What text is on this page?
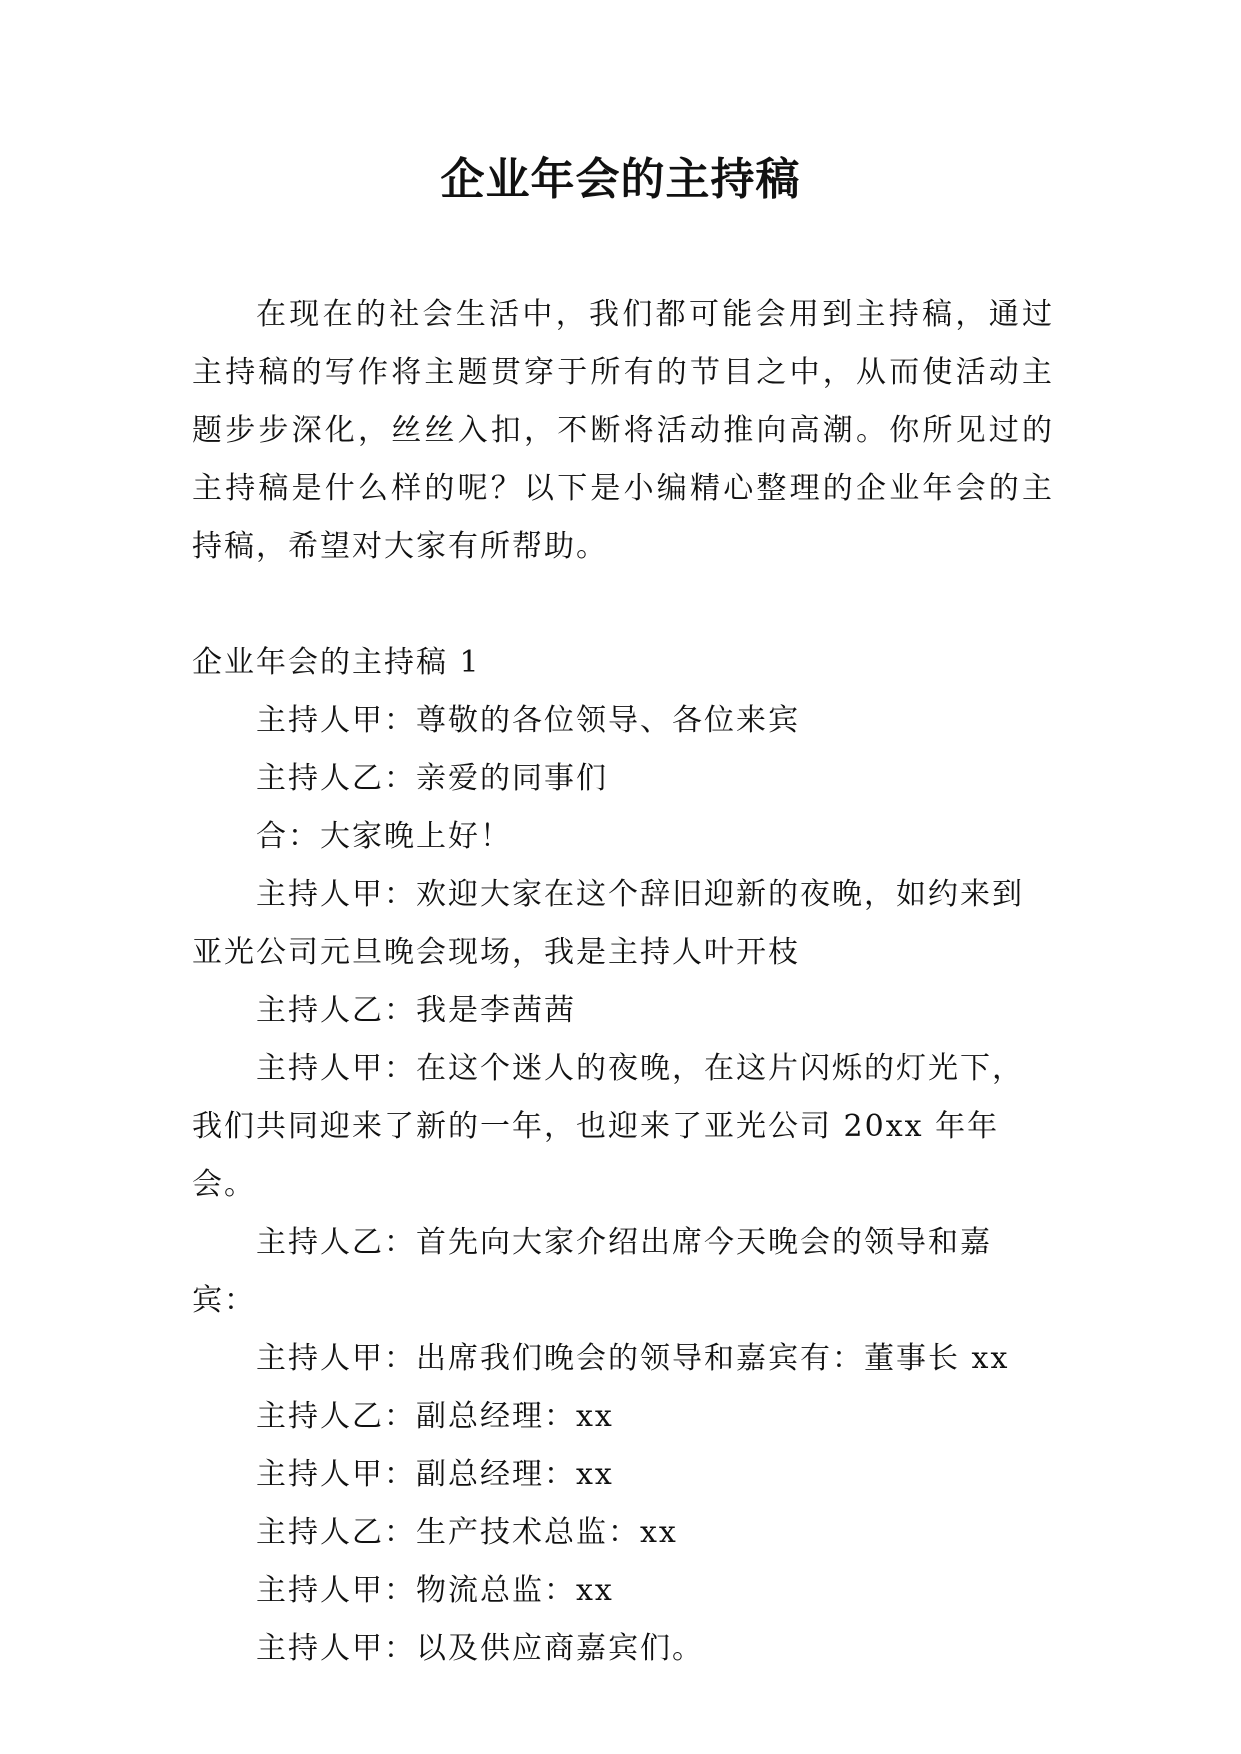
企业年会的主持稿

在现在的社会生活中，我们都可能会用到主持稿，通过主持稿的写作将主题贯穿于所有的节目之中，从而使活动主题步步深化，丝丝入扣，不断将活动推向高潮。你所见过的主持稿是什么样的呢？以下是小编精心整理的企业年会的主持稿，希望对大家有所帮助。

企业年会的主持稿 1

主持人甲：尊敬的各位领导、各位来宾

主持人乙：亲爱的同事们

合：大家晚上好！

主持人甲：欢迎大家在这个辞旧迎新的夜晚，如约来到亚光公司元旦晚会现场，我是主持人叶开枝

主持人乙：我是李茜茜

主持人甲：在这个迷人的夜晚，在这片闪烁的灯光下，我们共同迎来了新的一年，也迎来了亚光公司 20xx 年年会。

主持人乙：首先向大家介绍出席今天晚会的领导和嘉宾：

主持人甲：出席我们晚会的领导和嘉宾有：董事长 xx

主持人乙：副总经理：xx

主持人甲：副总经理：xx

主持人乙：生产技术总监：xx

主持人甲：物流总监：xx

主持人甲：以及供应商嘉宾们。
